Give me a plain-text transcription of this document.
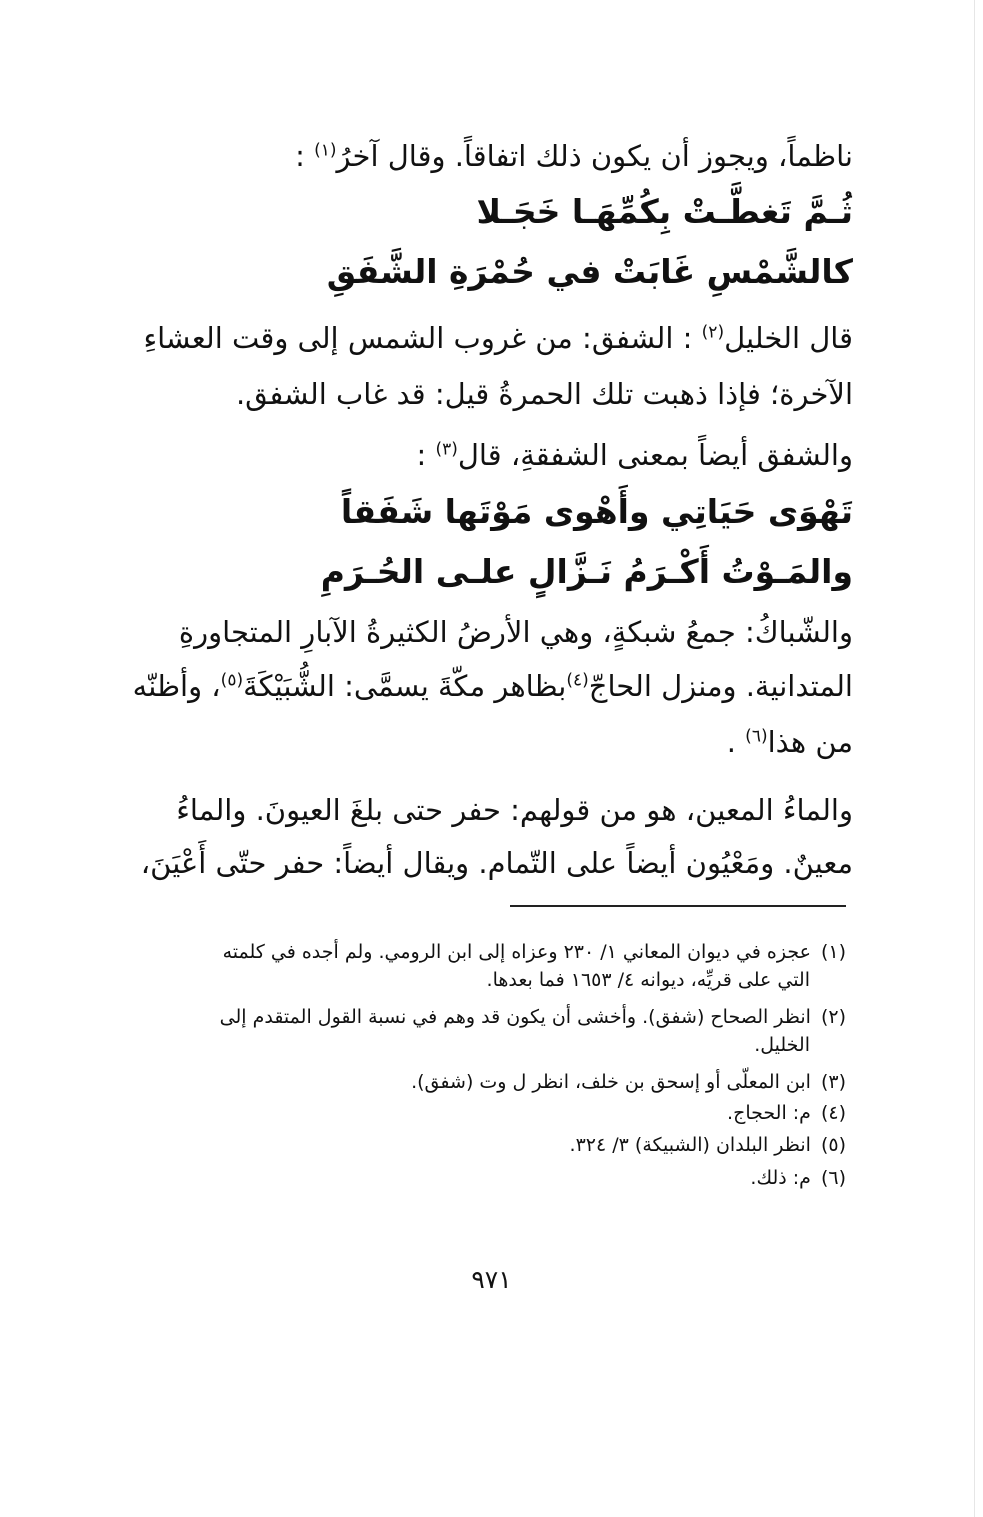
ناظماً، ويجوز أن يكون ذلك اتفاقاً. وقال آخرُ$^{(١)}$ :
ثُـمَّ تَغطَّـتْ بِكُمِّهَـا خَجَـلا
كالشَّمْسِ غَابَتْ في حُمْرَةِ الشَّفَقِ
قال الخليل$^{(٢)}$ : الشفق: من غروب الشمس إلى وقت العشاءِ
الآخرة؛ فإذا ذهبت تلك الحمرةُ قيل: قد غاب الشفق.
والشفق أيضاً بمعنى الشفقةِ، قال$^{(٣)}$ :
تَهْوَى حَيَاتِي وأَهْوى مَوْتَها شَفَقاً
والمَـوْتُ أَكْـرَمُ نَـزَّالٍ علـى الحُـرَمِ
والشّباكُ: جمعُ شبكةٍ، وهي الأرضُ الكثيرةُ الآبارِ المتجاورةِ
المتدانية. ومنزل الحاجّ$^{(٤)}$بظاهر مكّةَ يسمَّى: الشُّبَيْكَةَ$^{(٥)}$، وأظنّه
من هذا$^{(٦)}$ .
والماءُ المعين، هو من قولهم: حفر حتى بلغَ العيونَ. والماءُ
معينٌ. ومَعْيُون أيضاً على التّمام. ويقال أيضاً: حفر حتّى أَعْيَنَ،
(١)عجزه في ديوان المعاني ١/ ٢٣٠ وعزاه إلى ابن الرومي. ولم أجده في كلمته
التي على قريِّه، ديوانه ٤/ ١٦٥٣ فما بعدها.
(٢)انظر الصحاح (شفق). وأخشى أن يكون قد وهم في نسبة القول المتقدم إلى
الخليل.
(٣)ابن المعلّى أو إسحق بن خلف، انظر ل وت (شفق).
(٤)م: الحجاج.
(٥)انظر البلدان (الشبيكة) ٣/ ٣٢٤.
(٦)م: ذلك.
٩٧١
